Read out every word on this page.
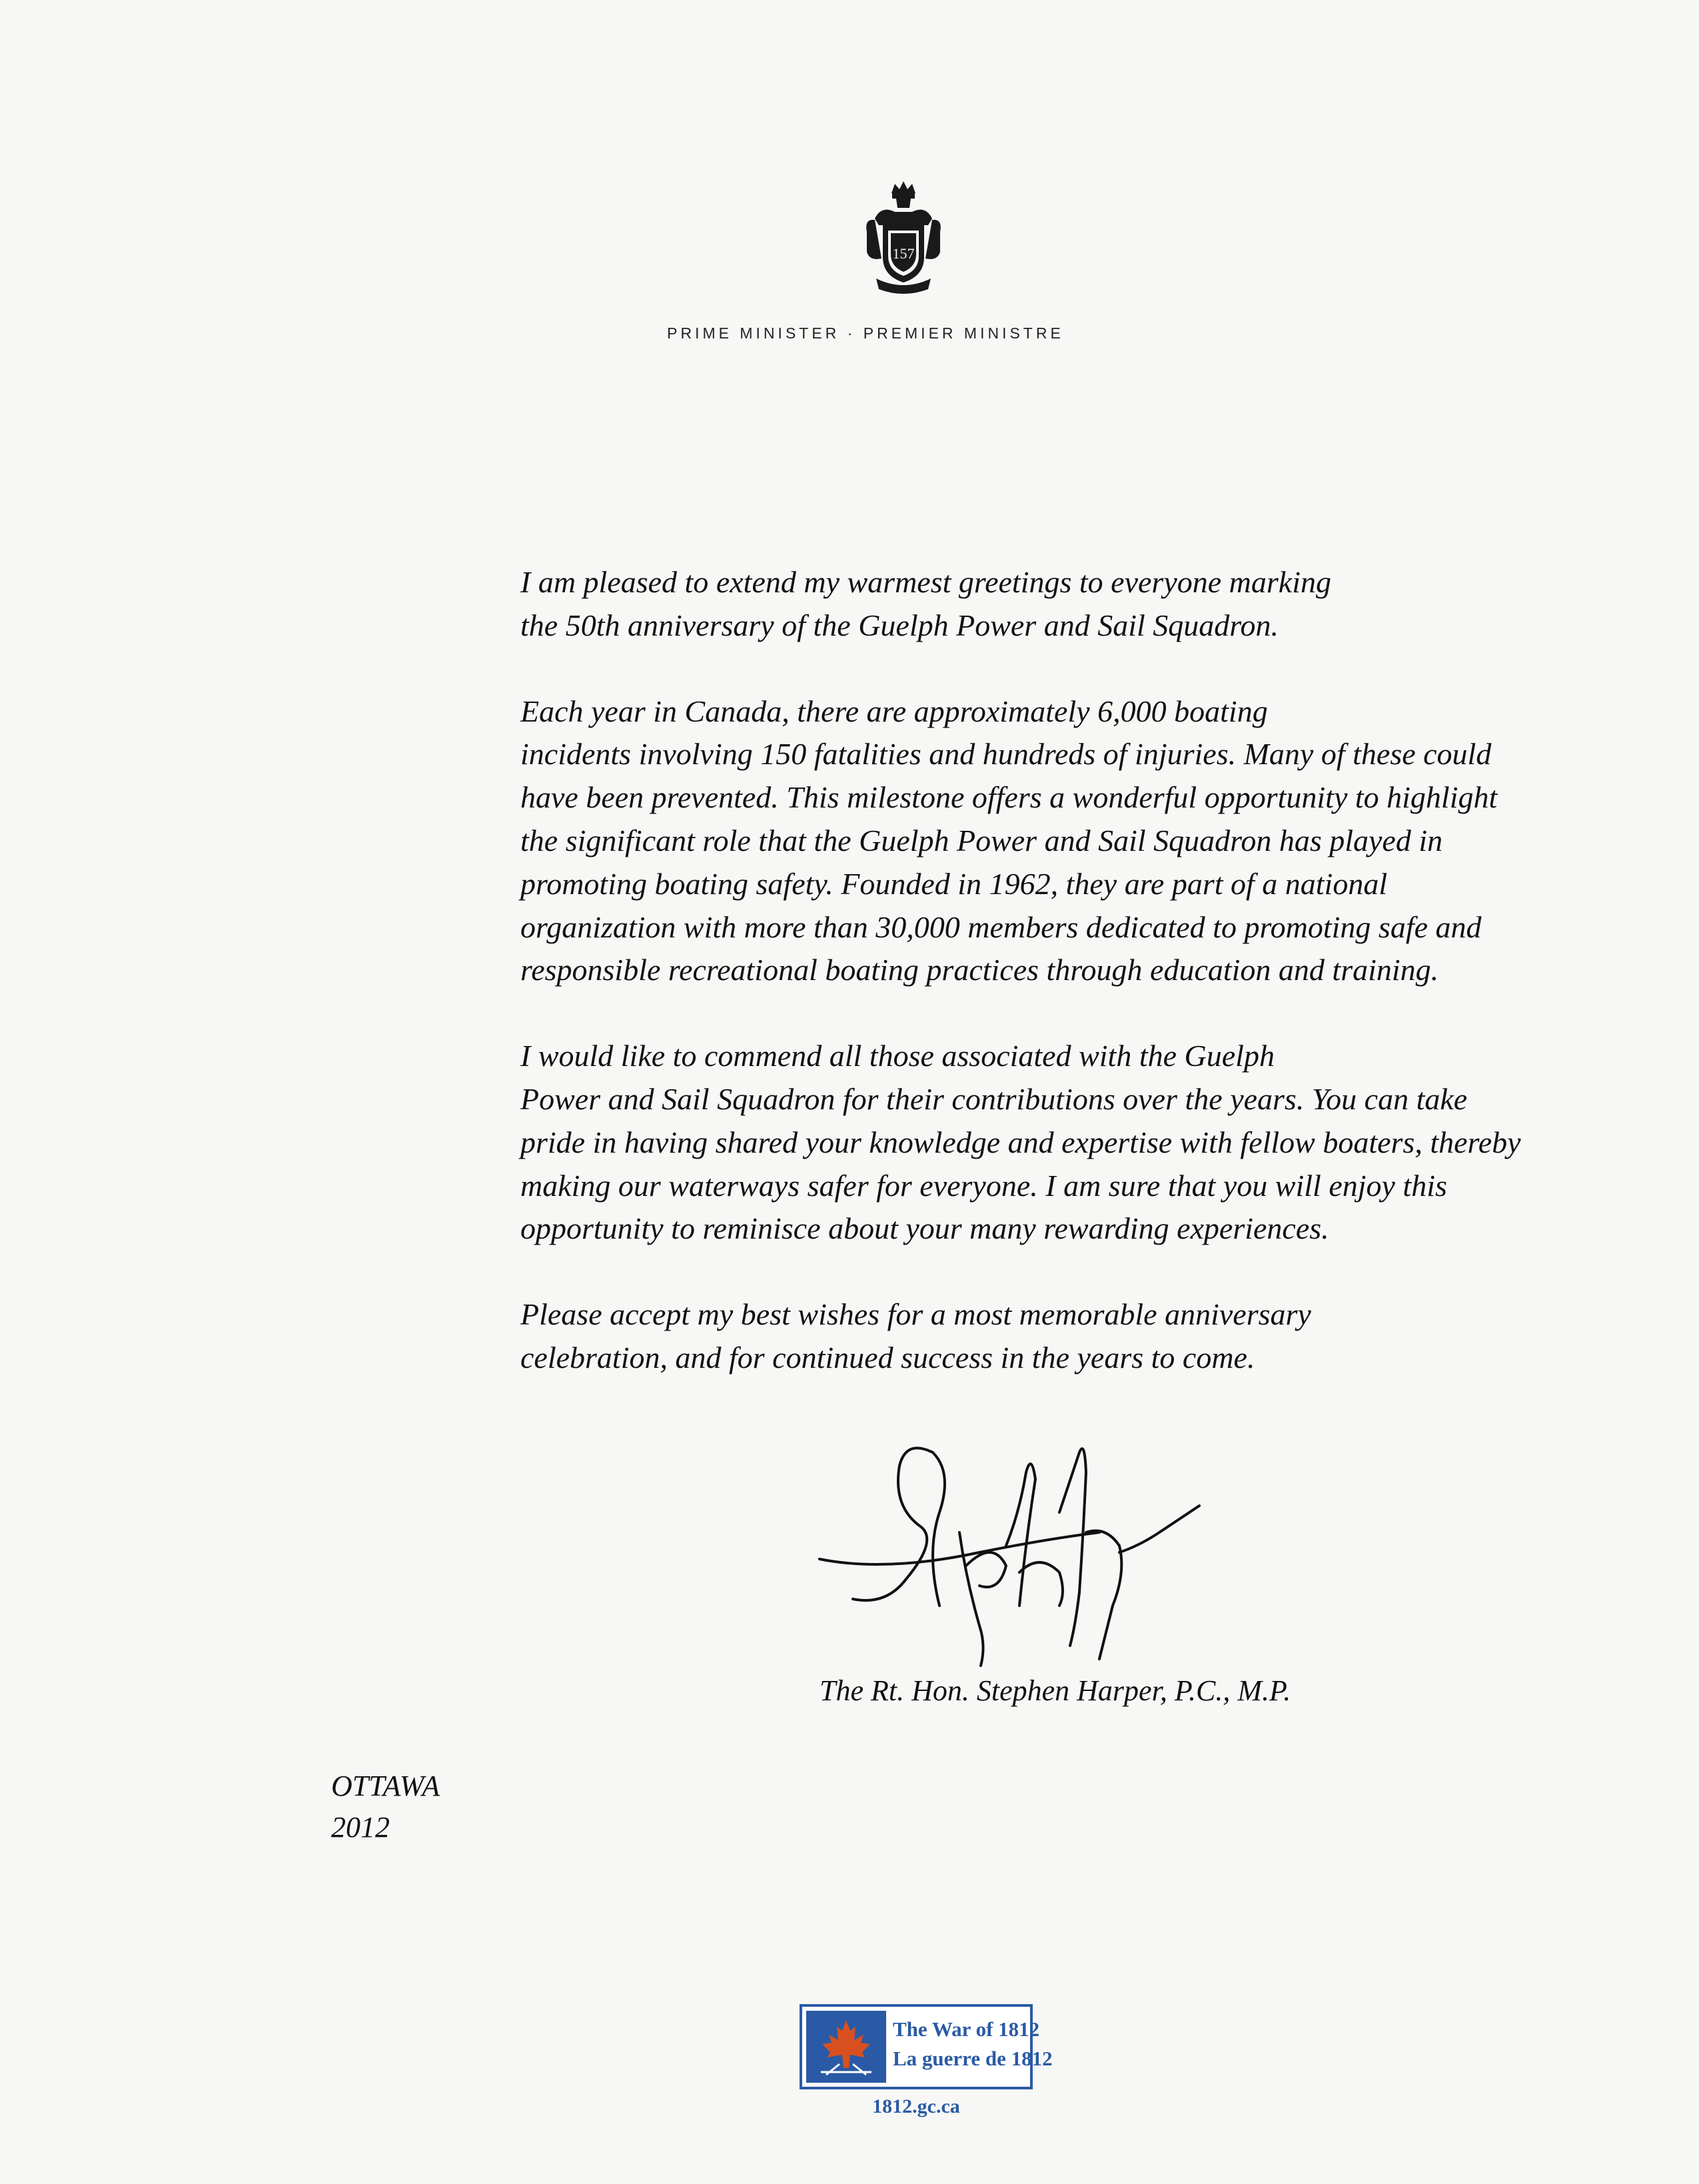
157
PRIME MINISTER · PREMIER MINISTRE

I am pleased to extend my warmest greetings to everyone marking
the 50th anniversary of the Guelph Power and Sail Squadron.

Each year in Canada, there are approximately 6,000 boating
incidents involving 150 fatalities and hundreds of injuries. Many of these could
have been prevented. This milestone offers a wonderful opportunity to highlight
the significant role that the Guelph Power and Sail Squadron has played in
promoting boating safety. Founded in 1962, they are part of a national
organization with more than 30,000 members dedicated to promoting safe and
responsible recreational boating practices through education and training.

I would like to commend all those associated with the Guelph
Power and Sail Squadron for their contributions over the years. You can take
pride in having shared your knowledge and expertise with fellow boaters, thereby
making our waterways safer for everyone. I am sure that you will enjoy this
opportunity to reminisce about your many rewarding experiences.

Please accept my best wishes for a most memorable anniversary
celebration, and for continued success in the years to come.

The Rt. Hon. Stephen Harper, P.C., M.P.
OTTAWA
2012
The War of 1812
La guerre de 1812
1812.gc.ca
